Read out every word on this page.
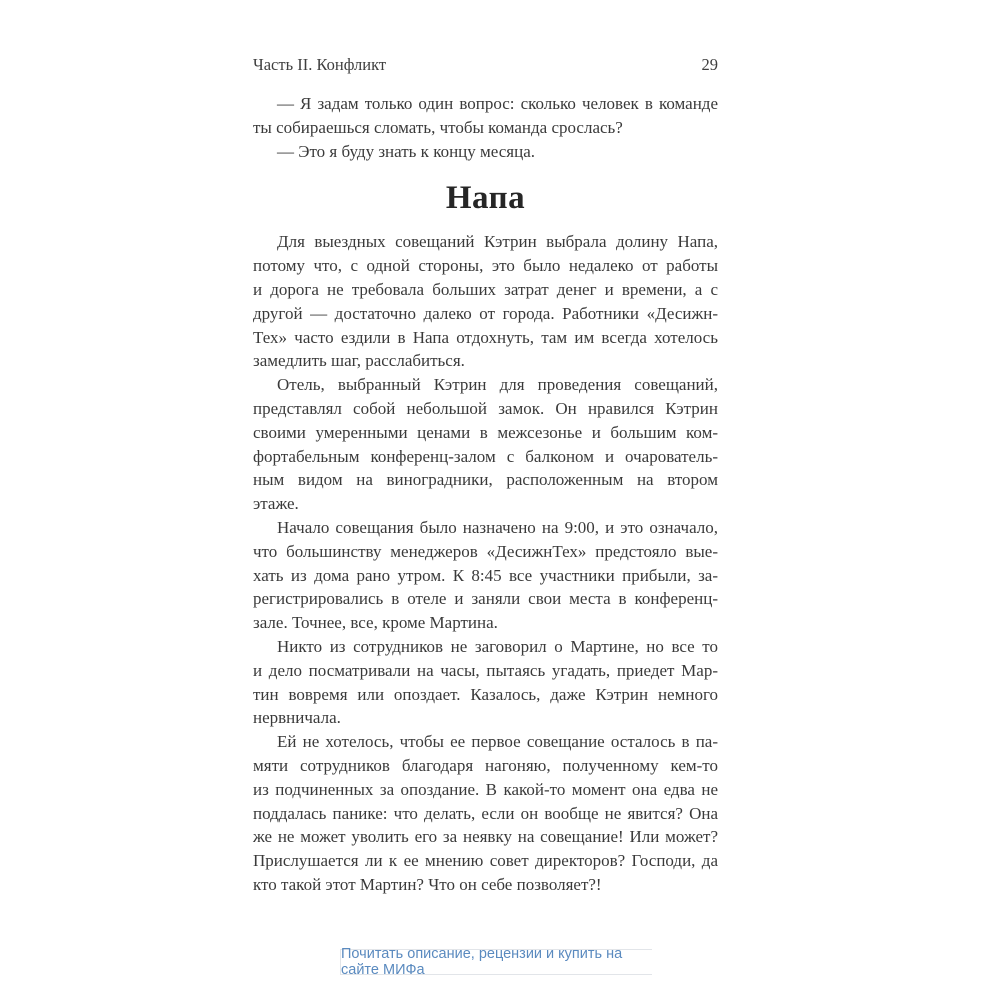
Часть II. Конфликт	29
— Я задам только один вопрос: сколько человек в команде
ты собираешься сломать, чтобы команда срослась?
— Это я буду знать к концу месяца.
Напа
Для выездных совещаний Кэтрин выбрала долину Напа,
потому что, с одной стороны, это было недалеко от работы
и дорога не требовала больших затрат денег и времени, а с
другой — достаточно далеко от города. Работники «Десижн-
Тех» часто ездили в Напа отдохнуть, там им всегда хотелось
замедлить шаг, расслабиться.
Отель, выбранный Кэтрин для проведения совещаний,
представлял собой небольшой замок. Он нравился Кэтрин
своими умеренными ценами в межсезонье и большим ком-
фортабельным конференц-залом с балконом и очарователь-
ным видом на виноградники, расположенным на втором
этаже.
Начало совещания было назначено на 9:00, и это означало,
что большинству менеджеров «ДесижнТех» предстояло вые-
хать из дома рано утром. К 8:45 все участники прибыли, за-
регистрировались в отеле и заняли свои места в конференц-
зале. Точнее, все, кроме Мартина.
Никто из сотрудников не заговорил о Мартине, но все то
и дело посматривали на часы, пытаясь угадать, приедет Мар-
тин вовремя или опоздает. Казалось, даже Кэтрин немного
нервничала.
Ей не хотелось, чтобы ее первое совещание осталось в па-
мяти сотрудников благодаря нагоняю, полученному кем-то
из подчиненных за опоздание. В какой-то момент она едва не
поддалась панике: что делать, если он вообще не явится? Она
же не может уволить его за неявку на совещание! Или может?
Прислушается ли к ее мнению совет директоров? Господи, да
кто такой этот Мартин? Что он себе позволяет?!
Почитать описание, рецензии и купить на сайте МИФа
